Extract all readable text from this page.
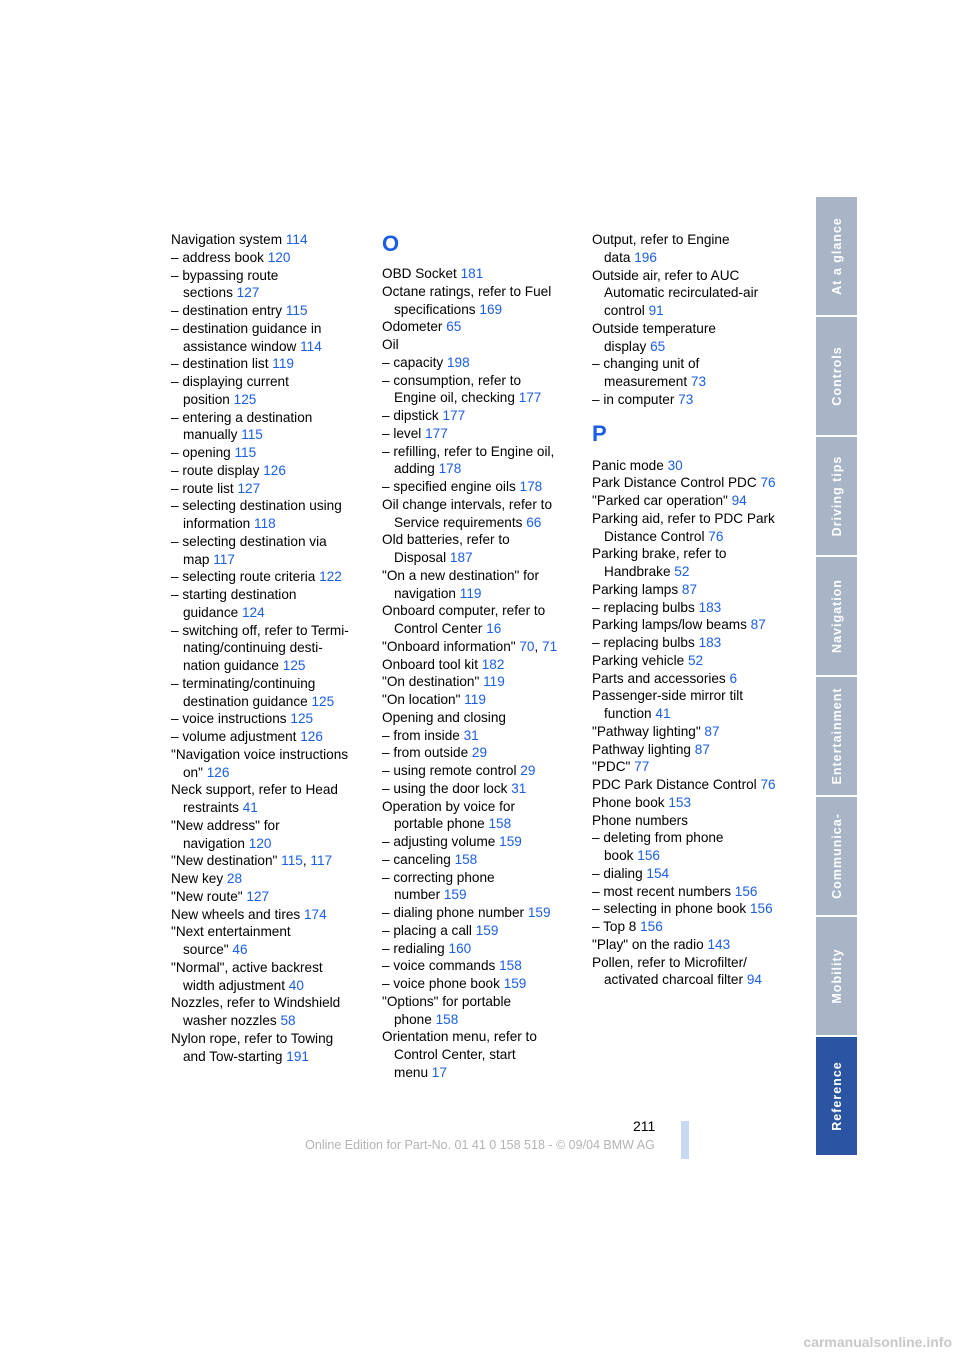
Navigation system 114
– address book 120
– bypassing route
sections 127
– destination entry 115
– destination guidance in
assistance window 114
– destination list 119
– displaying current
position 125
– entering a destination
manually 115
– opening 115
– route display 126
– route list 127
– selecting destination using
information 118
– selecting destination via
map 117
– selecting route criteria 122
– starting destination
guidance 124
– switching off, refer to Termi-
nating/continuing desti-
nation guidance 125
– terminating/continuing
destination guidance 125
– voice instructions 125
– volume adjustment 126
"Navigation voice instructions
on" 126
Neck support, refer to Head
restraints 41
"New address" for
navigation 120
"New destination" 115, 117
New key 28
"New route" 127
New wheels and tires 174
"Next entertainment
source" 46
"Normal", active backrest
width adjustment 40
Nozzles, refer to Windshield
washer nozzles 58
Nylon rope, refer to Towing
and Tow-starting 191
O
OBD Socket 181
Octane ratings, refer to Fuel
specifications 169
Odometer 65
Oil
– capacity 198
– consumption, refer to
Engine oil, checking 177
– dipstick 177
– level 177
– refilling, refer to Engine oil,
adding 178
– specified engine oils 178
Oil change intervals, refer to
Service requirements 66
Old batteries, refer to
Disposal 187
"On a new destination" for
navigation 119
Onboard computer, refer to
Control Center 16
"Onboard information" 70, 71
Onboard tool kit 182
"On destination" 119
"On location" 119
Opening and closing
– from inside 31
– from outside 29
– using remote control 29
– using the door lock 31
Operation by voice for
portable phone 158
– adjusting volume 159
– canceling 158
– correcting phone
number 159
– dialing phone number 159
– placing a call 159
– redialing 160
– voice commands 158
– voice phone book 159
"Options" for portable
phone 158
Orientation menu, refer to
Control Center, start
menu 17
Output, refer to Engine
data 196
Outside air, refer to AUC
Automatic recirculated-air
control 91
Outside temperature
display 65
– changing unit of
measurement 73
– in computer 73
P
Panic mode 30
Park Distance Control PDC 76
"Parked car operation" 94
Parking aid, refer to PDC Park
Distance Control 76
Parking brake, refer to
Handbrake 52
Parking lamps 87
– replacing bulbs 183
Parking lamps/low beams 87
– replacing bulbs 183
Parking vehicle 52
Parts and accessories 6
Passenger-side mirror tilt
function 41
"Pathway lighting" 87
Pathway lighting 87
"PDC" 77
PDC Park Distance Control 76
Phone book 153
Phone numbers
– deleting from phone
book 156
– dialing 154
– most recent numbers 156
– selecting in phone book 156
– Top 8 156
"Play" on the radio 143
Pollen, refer to Microfilter/
activated charcoal filter 94
At a glance
Controls
Driving tips
Navigation
Entertainment
Communica-
Mobility
Reference
211
Online Edition for Part-No. 01 41 0 158 518 - © 09/04 BMW AG
carmanualsonline.info
